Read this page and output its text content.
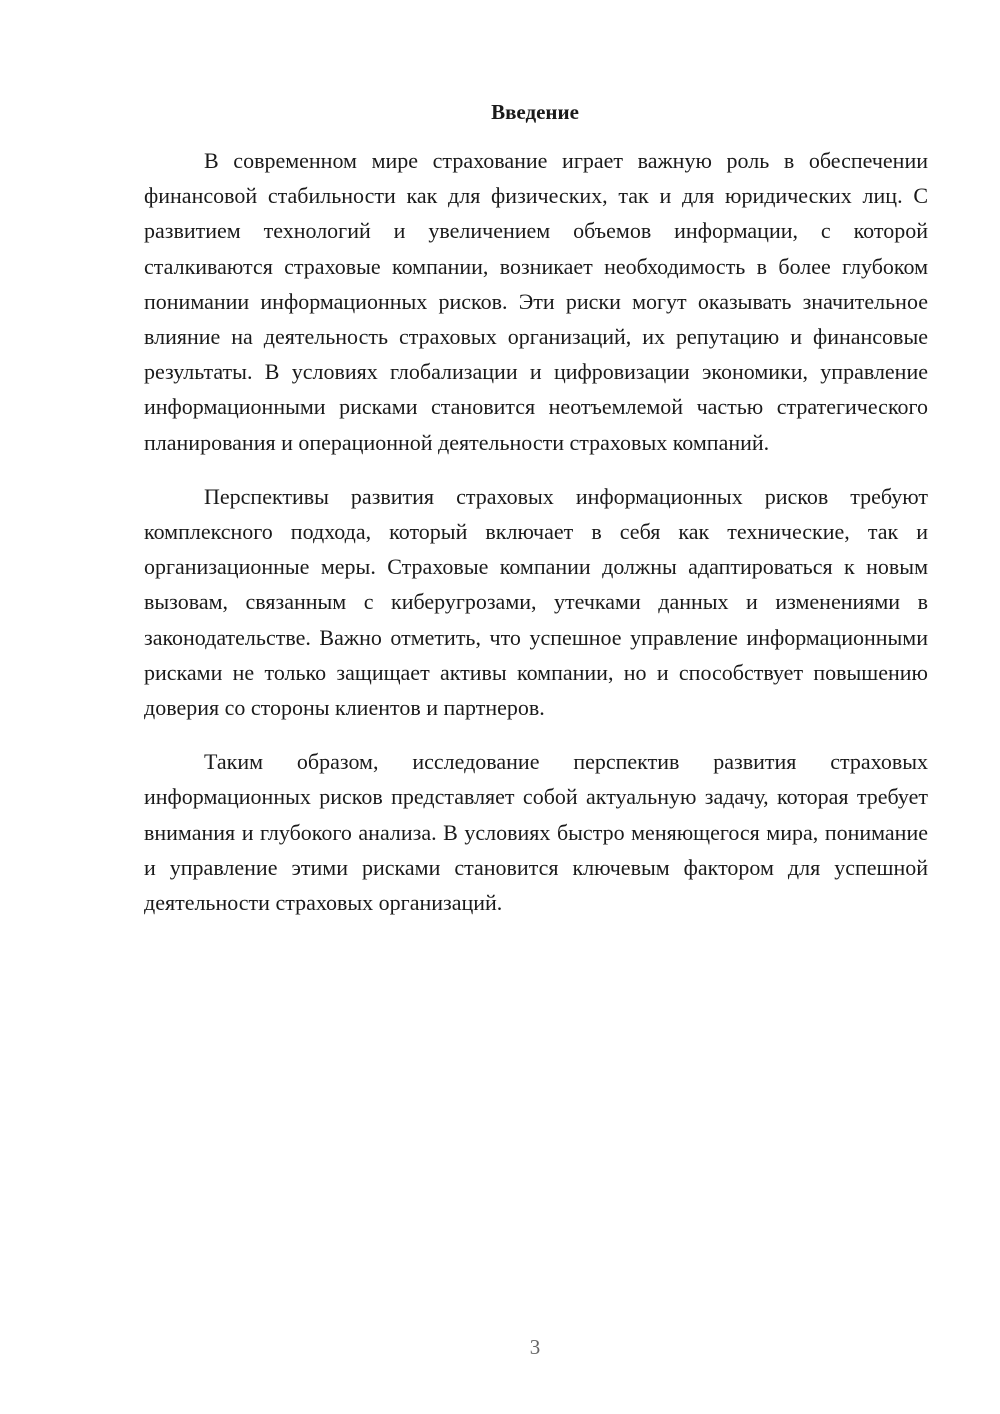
Введение

В современном мире страхование играет важную роль в обеспечении финансовой стабильности как для физических, так и для юридических лиц. С развитием технологий и увеличением объемов информации, с которой сталкиваются страховые компании, возникает необходимость в более глубоком понимании информационных рисков. Эти риски могут оказывать значительное влияние на деятельность страховых организаций, их репутацию и финансовые результаты. В условиях глобализации и цифровизации экономики, управление информационными рисками становится неотъемлемой частью стратегического планирования и операционной деятельности страховых компаний.

Перспективы развития страховых информационных рисков требуют комплексного подхода, который включает в себя как технические, так и организационные меры. Страховые компании должны адаптироваться к новым вызовам, связанным с киберугрозами, утечками данных и изменениями в законодательстве. Важно отметить, что успешное управление информационными рисками не только защищает активы компании, но и способствует повышению доверия со стороны клиентов и партнеров.

Таким образом, исследование перспектив развития страховых информационных рисков представляет собой актуальную задачу, которая требует внимания и глубокого анализа. В условиях быстро меняющегося мира, понимание и управление этими рисками становится ключевым фактором для успешной деятельности страховых организаций.

3
